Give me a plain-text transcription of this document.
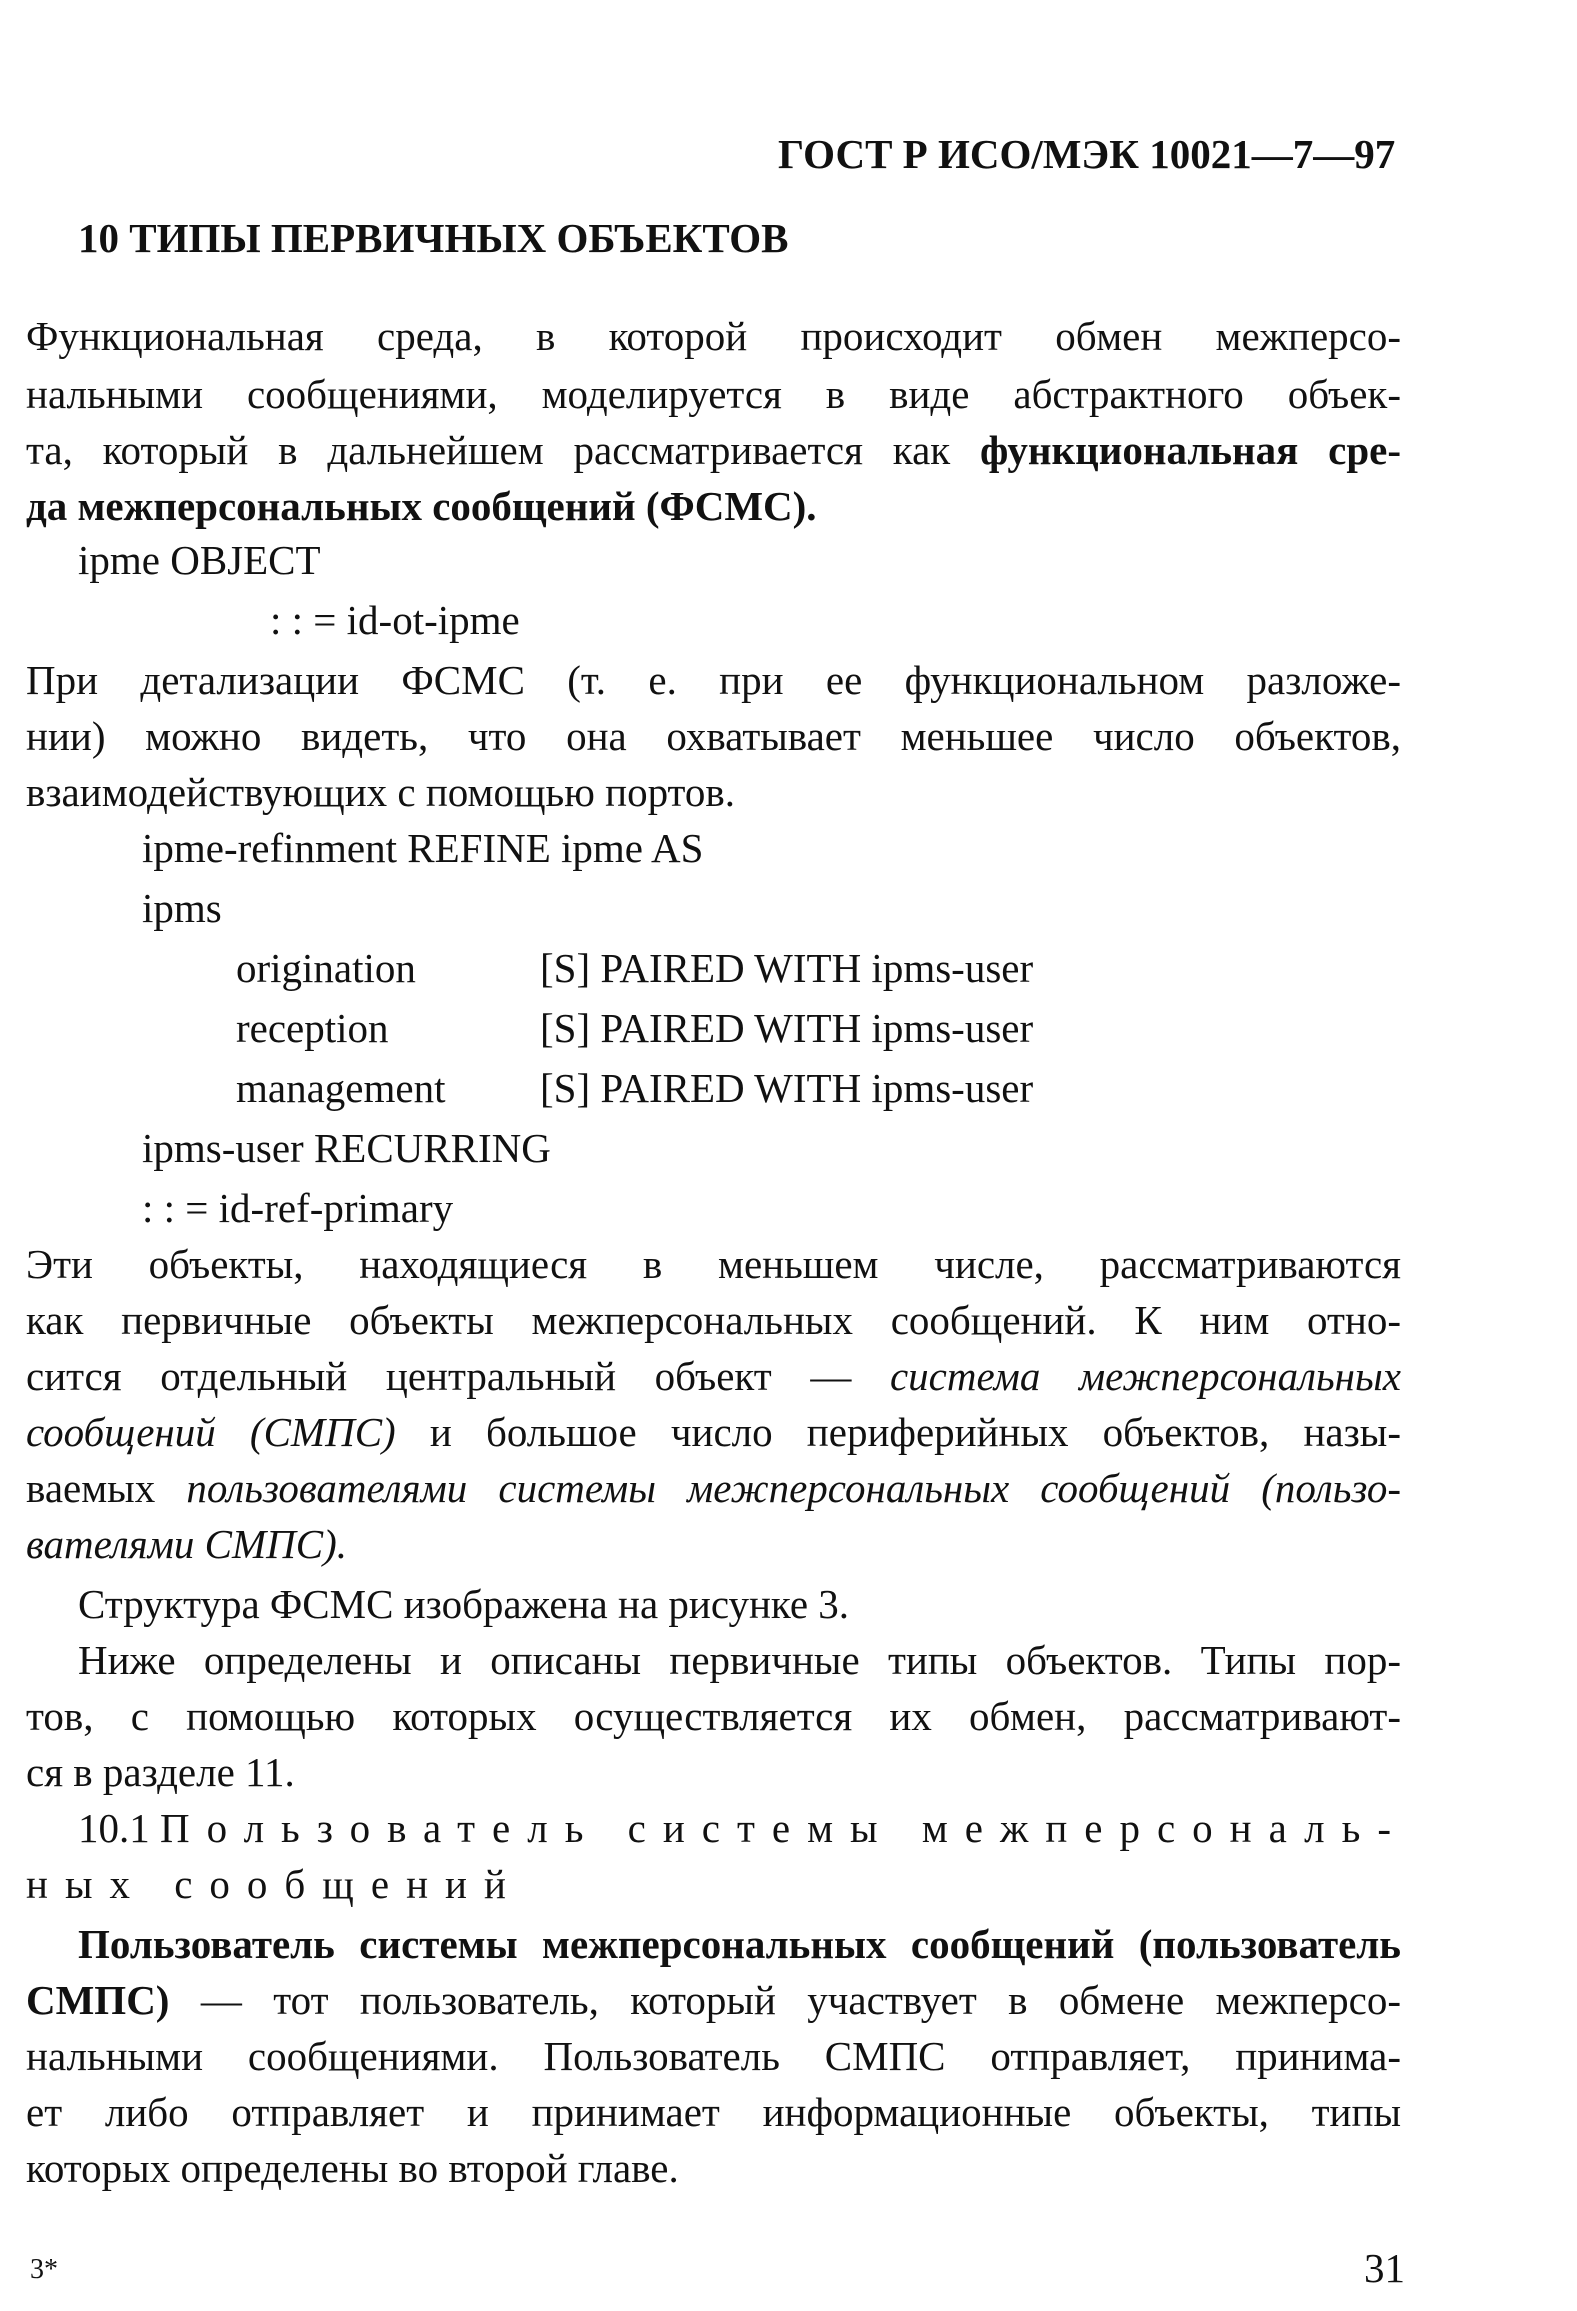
ГОСТ Р ИСО/МЭК 10021—7—97
10 ТИПЫ ПЕРВИЧНЫХ ОБЪЕКТОВ
Функциональная среда, в которой происходит обмен межперсо-
нальными сообщениями, моделируется в виде абстрактного объек-
та, который в дальнейшем рассматривается как функциональная сре-
да межперсональных сообщений (ФСМС).
ipme OBJECT
: : = id-ot-ipme
При детализации ФСМС (т. е. при ее функциональном разложе-
нии) можно видеть, что она охватывает меньшее число объектов,
взаимодействующих с помощью портов.
ipme-refinment REFINE ipme AS
ipms
origination	[S] PAIRED WITH ipms-user
reception	[S] PAIRED WITH ipms-user
management [S] PAIRED WITH ipms-user
ipms-user RECURRING
: : = id-ref-primary
Эти объекты, находящиеся в меньшем числе, рассматриваются
как первичные объекты межперсональных сообщений. К ним отно-
сится отдельный центральный объект — система межперсональных
сообщений (СМПС) и большое число периферийных объектов, назы-
ваемых пользователями системы межперсональных сообщений (пользо-
вателями СМПС).
Структура ФСМС изображена на рисунке 3.
Ниже определены и описаны первичные типы объектов. Типы пор-
тов, с помощью которых осуществляется их обмен, рассматривают-
ся в разделе 11.
10.1 Пользователь системы межперсональ-
ных сообщений
Пользователь системы межперсональных сообщений (пользователь
СМПС) — тот пользователь, который участвует в обмене межперсо-
нальными сообщениями. Пользователь СМПС отправляет, принима-
ет либо отправляет и принимает информационные объекты, типы
которых определены во второй главе.
3*	31
